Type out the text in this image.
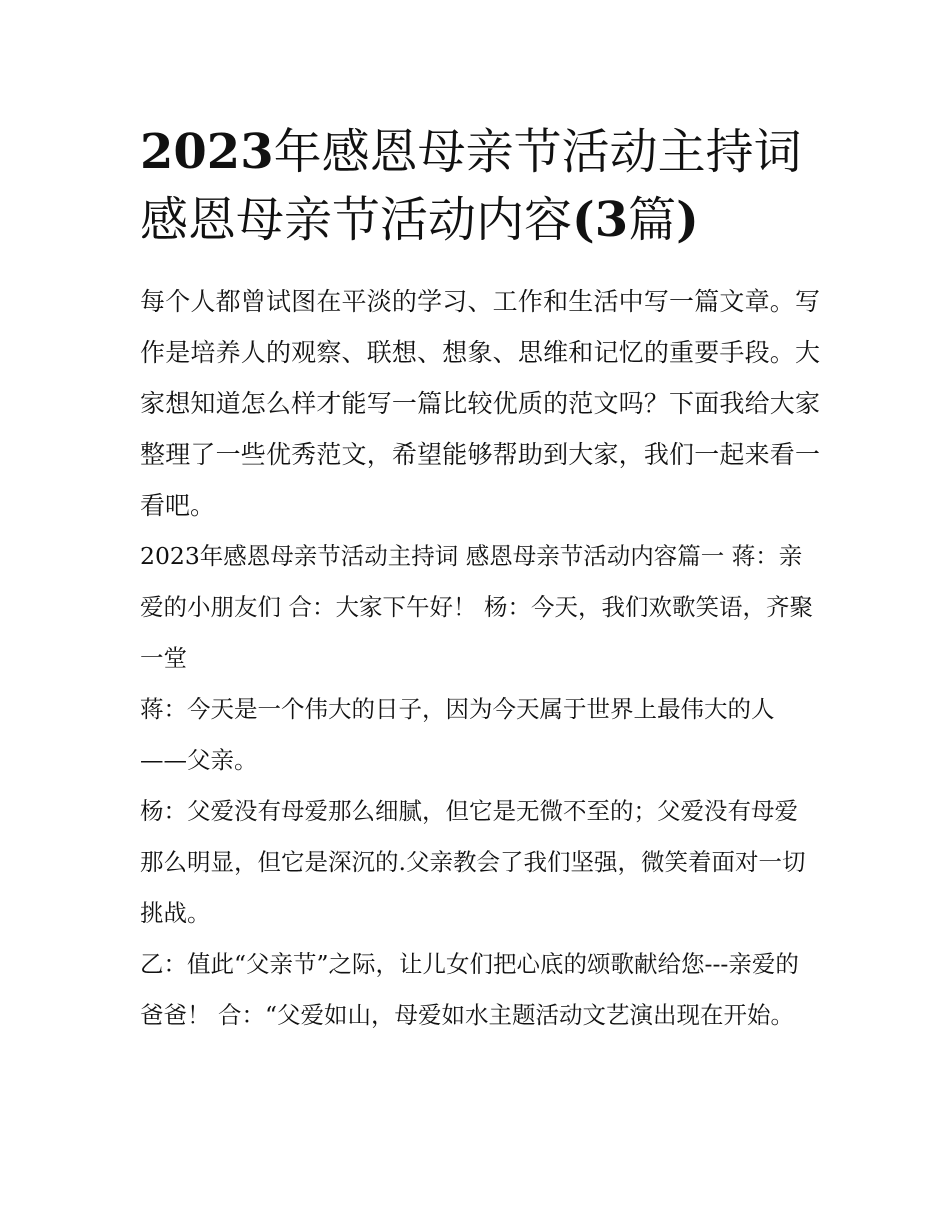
2023年感恩母亲节活动主持词
感恩母亲节活动内容(3篇)

每个人都曾试图在平淡的学习、工作和生活中写一篇文章。写作是培养人的观察、联想、想象、思维和记忆的重要手段。大家想知道怎么样才能写一篇比较优质的范文吗？下面我给大家整理了一些优秀范文，希望能够帮助到大家，我们一起来看一看吧。

2023年感恩母亲节活动主持词 感恩母亲节活动内容篇一 蒋：亲爱的小朋友们 合：大家下午好！ 杨：今天，我们欢歌笑语，齐聚一堂

蒋：今天是一个伟大的日子，因为今天属于世界上最伟大的人——父亲。

杨：父爱没有母爱那么细腻，但它是无微不至的；父爱没有母爱那么明显，但它是深沉的.父亲教会了我们坚强，微笑着面对一切挑战。

乙：值此“父亲节”之际，让儿女们把心底的颂歌献给您---亲爱的爸爸！ 合：“父爱如山，母爱如水主题活动文艺演出现在开始。
